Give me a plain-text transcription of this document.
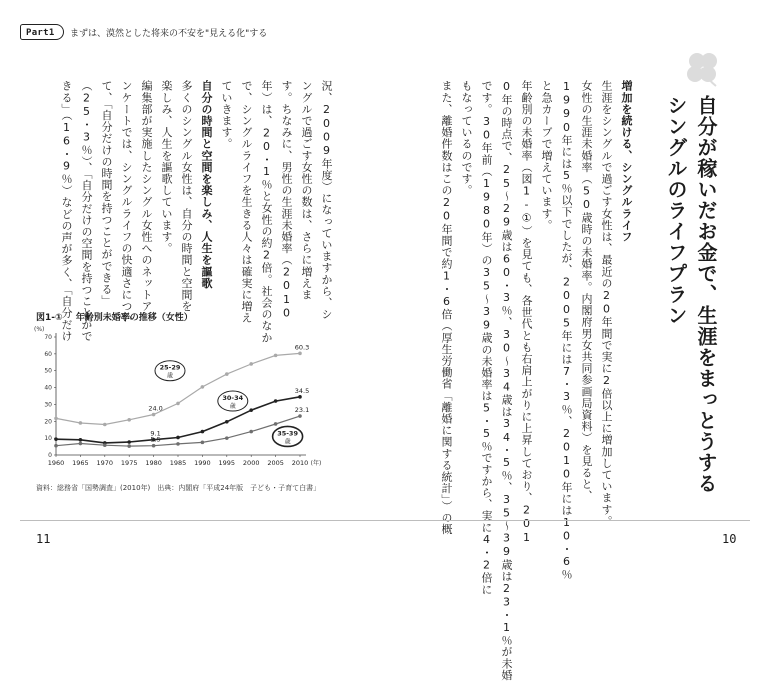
Part1	まずは、漠然とした将来の不安を"見える化"する
自分が稼いだお金で、生涯をまっとうする
シングルのライフプラン
増加を続ける、シングルライフ
生涯をシングルで過ごす女性は、最近の20年間で実に2倍以上に増加しています。
女性の生涯未婚率（50歳時の未婚率。内閣府男女共同参画局資料）を見ると、
1990年には5％以下でしたが、2005年には7・3％、2010年には10・6％
と急カーブで増えています。
年齢別の未婚率（図1-①）を見ても、各世代とも右肩上がりに上昇しており、201
0年の時点で、25〜29歳は60・3％、30〜34歳は34・5％、35〜39歳は23・1％が未婚
です。30年前（1980年）の35〜39歳の未婚率は5・5％ですから、実に4・2倍に
もなっているのです。
また、離婚件数はこの20年間で約1・6倍（厚生労働省「離婚に関する統計」）の概
況、2009年度）になっていますから、シ
ングルで過ごす女性の数は、さらに増えま
す。ちなみに、男性の生涯未婚率（2010
年）は、20・1％と女性の約2倍。社会のなか
で、シングルライフを生きる人々は確実に増え
ていきます。
自分の時間と空間を楽しみ、人生を謳歌
多くのシングル女性は、自分の時間と空間を
楽しみ、人生を謳歌しています。
編集部が実施したシングル女性へのネットア
ンケートでは、シングルライフの快適さについ
て、「自分だけの時間を持つことができる」
（25・3％）、「自分だけの空間を持つことがで
きる」（16・9％）などの声が多く、「自分だけ
図1-① 年齢別未婚率の推移（女性）
(%)
0
10
20
30
40
50
60
70
1960 1965 1970 1975 1980 1985 1990 1995 2000 2005 2010 (年)
24.0
60.3
9.1
34.5
5.5
23.1
25-29
歳
30-34
歳
35-39
歳
資料：総務省「国勢調査」(2010年)　出典：内閣府「平成24年版　子ども・子育て白書」
11	10
